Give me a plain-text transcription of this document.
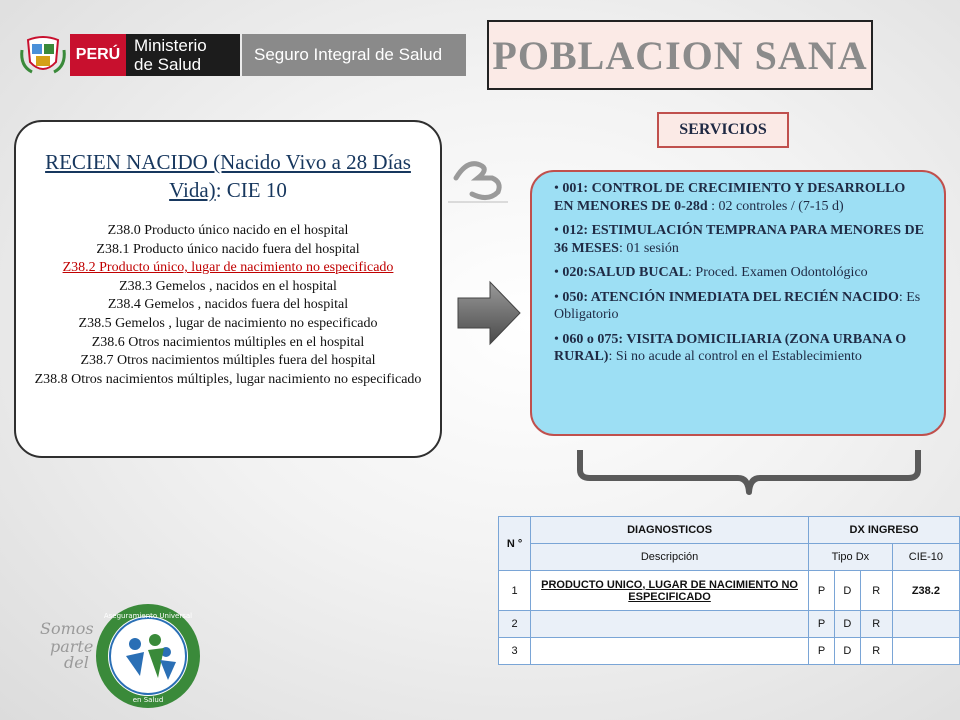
PERÚ Ministerio
de Salud
Seguro Integral de Salud	POBLACION SANA
SERVICIOS
RECIEN NACIDO (Nacido Vivo a 28 Días Vida): CIE 10
Z38.0 Producto único nacido en el hospital
Z38.1 Producto único nacido fuera del hospital
Z38.2 Producto único, lugar de nacimiento no especificado
Z38.3 Gemelos , nacidos en el hospital
Z38.4 Gemelos , nacidos fuera del hospital
Z38.5 Gemelos , lugar de nacimiento no especificado
Z38.6 Otros nacimientos múltiples en el hospital
Z38.7 Otros nacimientos múltiples fuera del hospital
Z38.8 Otros nacimientos múltiples, lugar nacimiento no especificado
• 001: CONTROL DE CRECIMIENTO Y DESARROLLO EN MENORES DE 0-28d : 02 controles / (7-15 d)
• 012: ESTIMULACIÓN TEMPRANA PARA MENORES DE 36 MESES: 01 sesión
• 020:SALUD BUCAL: Proced. Examen Odontológico
• 050: ATENCIÓN INMEDIATA DEL RECIÉN NACIDO: Es Obligatorio
• 060 o 075: VISITA DOMICILIARIA (ZONA URBANA O RURAL): Si no acude al control en el Establecimiento
N °	DIAGNOSTICOS	DX INGRESO			
	Descripción	Tipo Dx			CIE-10
1	PRODUCTO UNICO, LUGAR DE NACIMIENTO NO ESPECIFICADO	P	D	R	Z38.2
2		P	D	R	
3		P	D	R	
Somos
parte
del
Aseguramiento Universal
en Salud
